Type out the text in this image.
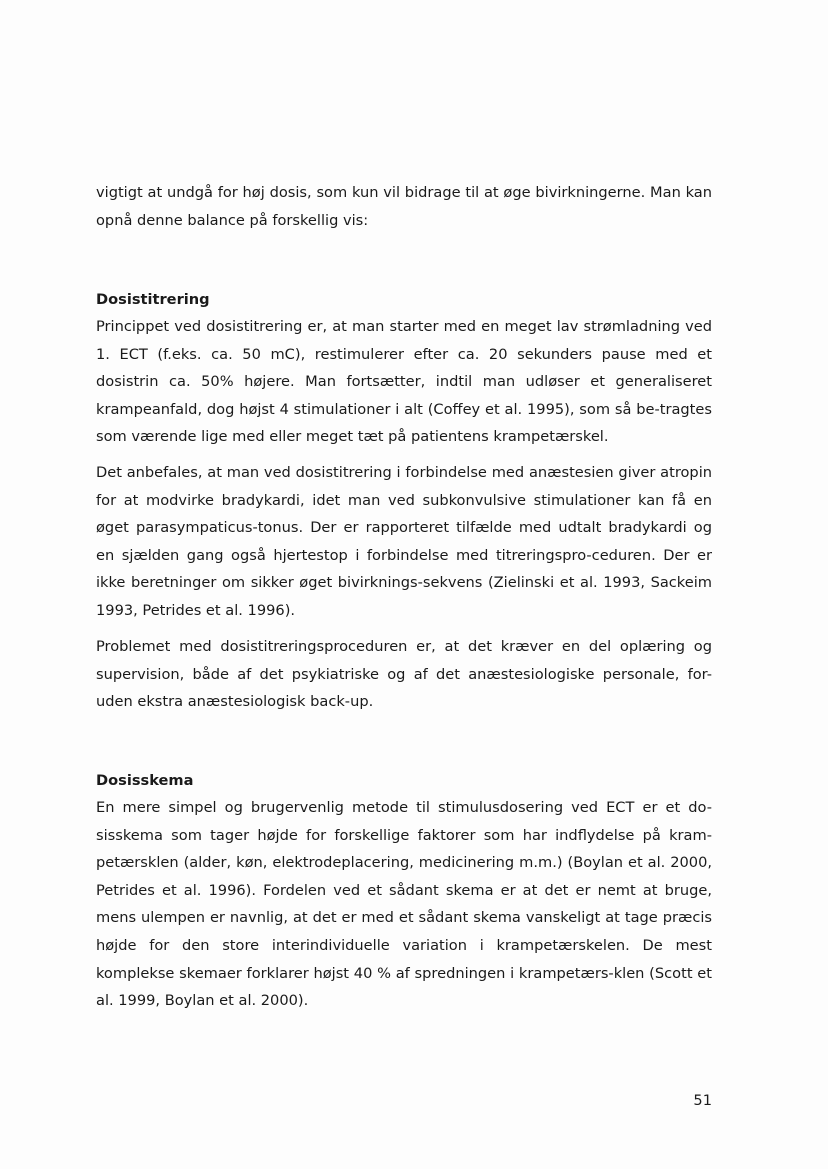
vigtigt at undgå for høj dosis, som kun vil bidrage til at øge bivirkningerne. Man kan opnå denne balance på forskellig vis:

Dosistitrering

Princippet ved dosistitrering er, at man starter med en meget lav strømladning ved 1. ECT (f.eks. ca. 50 mC), restimulerer efter ca. 20 sekunders pause med et dosistrin ca. 50% højere. Man fortsætter, indtil man udløser et generaliseret krampeanfald, dog højst 4 stimulationer i alt (Coffey et al. 1995), som så be-tragtes som værende lige med eller meget tæt på patientens krampetærskel.

Det anbefales, at man ved dosistitrering i forbindelse med anæstesien giver atropin for at modvirke bradykardi, idet man ved subkonvulsive stimulationer kan få en øget parasympaticus-tonus. Der er rapporteret tilfælde med udtalt bradykardi og en sjælden gang også hjertestop i forbindelse med titreringspro-ceduren. Der er ikke beretninger om sikker øget bivirknings-sekvens (Zielinski et al. 1993, Sackeim 1993, Petrides et al. 1996).

Problemet med dosistitreringsproceduren er, at det kræver en del oplæring og supervision, både af det psykiatriske og af det anæstesiologiske personale, for-uden ekstra anæstesiologisk back-up.

Dosisskema

En mere simpel og brugervenlig metode til stimulusdosering ved ECT er et do-sisskema som tager højde for forskellige faktorer som har indflydelse på kram-petærsklen (alder, køn, elektrodeplacering, medicinering m.m.) (Boylan et al. 2000, Petrides et al. 1996). Fordelen ved et sådant skema er at det er nemt at bruge, mens ulempen er navnlig, at det er med et sådant skema vanskeligt at tage præcis højde for den store interindividuelle variation i krampetærskelen. De mest komplekse skemaer forklarer højst 40 % af spredningen i krampetærs-klen (Scott et al. 1999, Boylan et al. 2000).

51
